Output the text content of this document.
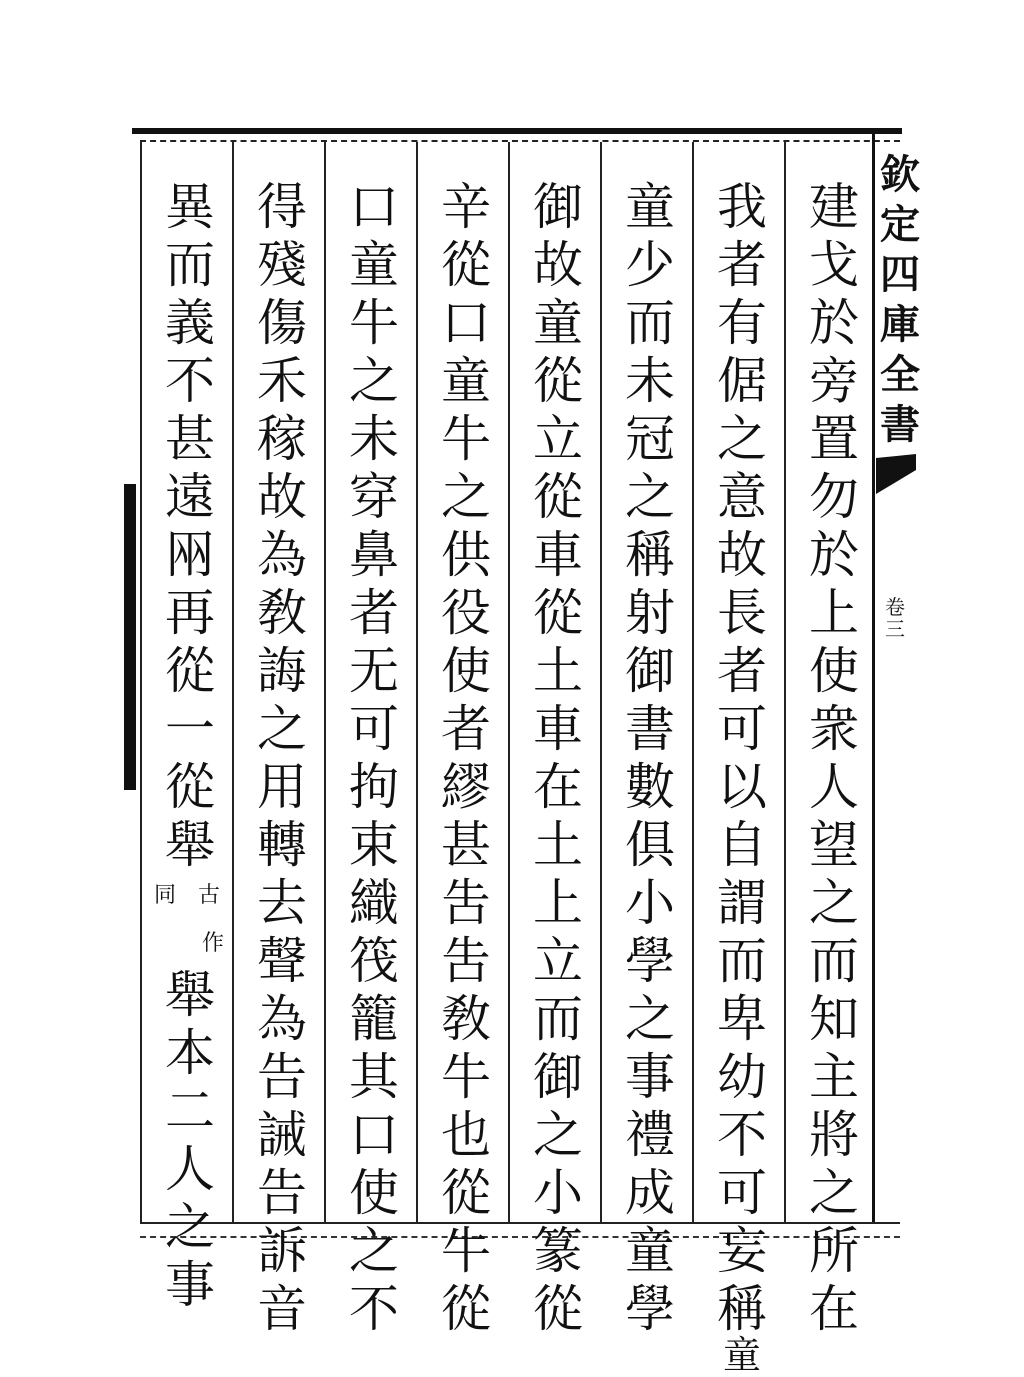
欽
定
四
庫
全
書
卷
三
建
戈
於
旁
置
勿
於
上
使
衆
人
望
之
而
知
主
將
之
所
在
我
者
有
倨
之
意
故
長
者
可
以
自
謂
而
卑
幼
不
可
妄
稱
童
童
少
而
未
冠
之
稱
射
御
書
數
俱
小
學
之
事
禮
成
童
學
御
故
童
從
立
從
車
從
土
車
在
土
上
立
而
御
之
小
篆
從
辛
從
口
童
牛
之
供
役
使
者
繆
甚
吿
吿
敎
牛
也
從
牛
從
口
童
牛
之
未
穿
鼻
者
无
可
拘
束
織
筏
籠
其
口
使
之
不
得
殘
傷
禾
稼
故
為
敎
誨
之
用
轉
去
聲
為
告
誡
告
訴
音
異
而
義
不
甚
遠
㒳
再
從
一
從
舉
古
作
同
舉
本
二
人
之
事
